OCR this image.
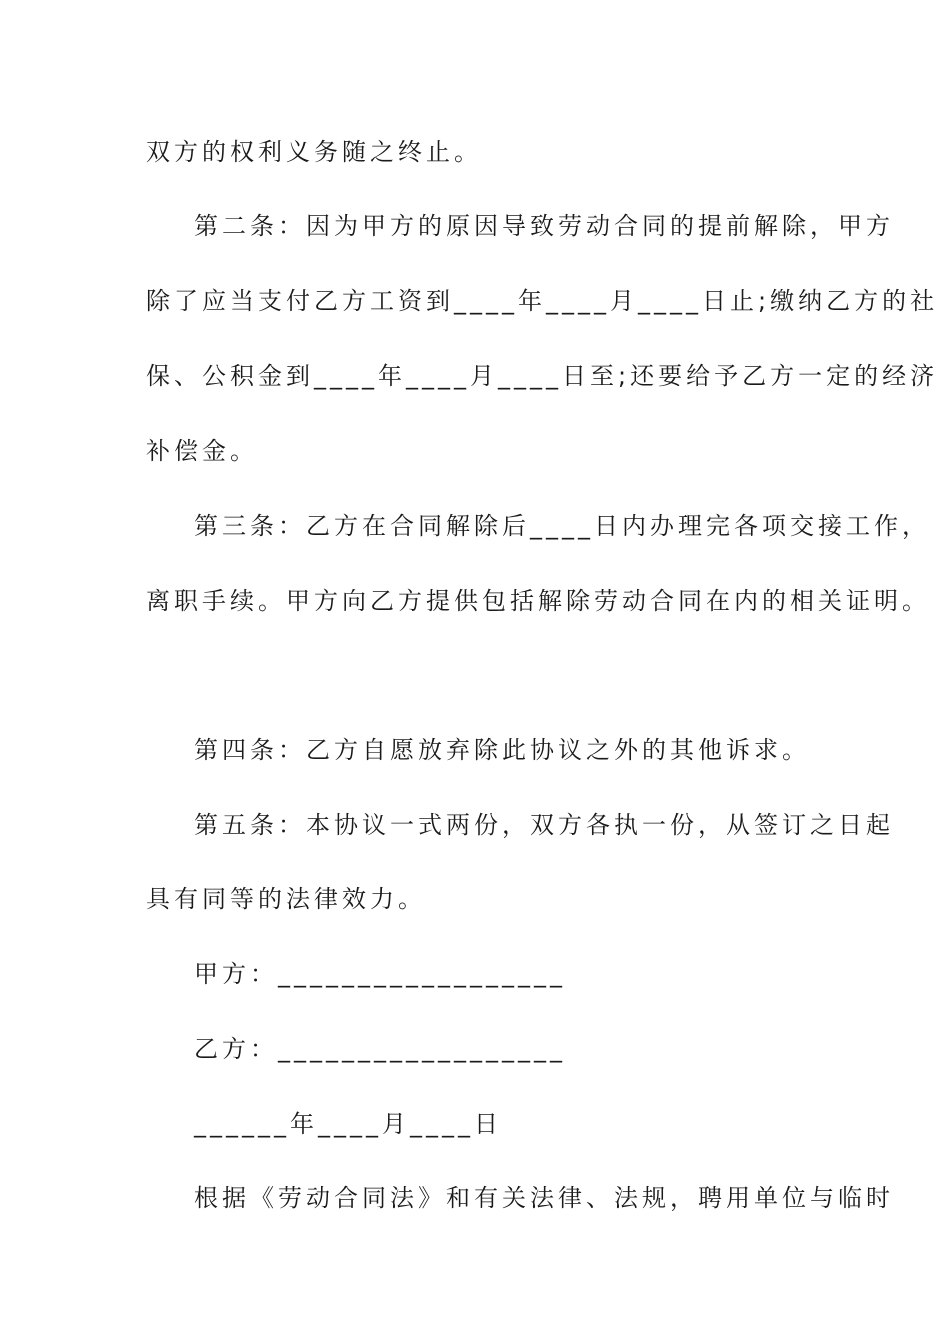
双方的权利义务随之终止。
第二条：因为甲方的原因导致劳动合同的提前解除，甲方
除了应当支付乙方工资到____年____月____日止;缴纳乙方的社
保、公积金到____年____月____日至;还要给予乙方一定的经济
补偿金。
第三条：乙方在合同解除后____日内办理完各项交接工作，
离职手续。甲方向乙方提供包括解除劳动合同在内的相关证明。
第四条：乙方自愿放弃除此协议之外的其他诉求。
第五条：本协议一式两份，双方各执一份，从签订之日起
具有同等的法律效力。
甲方：__________________
乙方：__________________
______年____月____日
根据《劳动合同法》和有关法律、法规，聘用单位与临时
